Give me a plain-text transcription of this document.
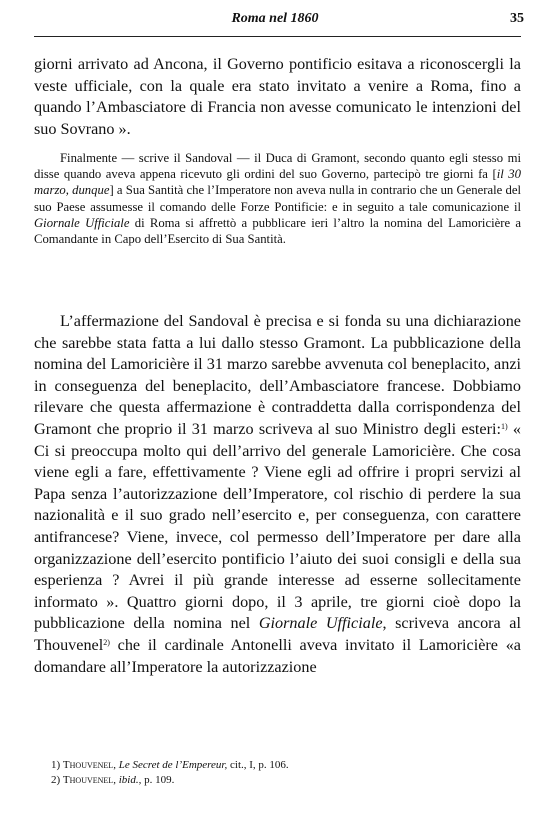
Roma nel 1860	35

giorni arrivato ad Ancona, il Governo pontificio esitava a riconoscergli la veste ufficiale, con la quale era stato invitato a venire a Roma, fino a quando l’Ambasciatore di Francia non avesse comunicato le intenzioni del suo Sovrano ».

Finalmente — scrive il Sandoval — il Duca di Gramont, secondo quanto egli stesso mi disse quando aveva appena ricevuto gli ordini del suo Governo, partecipò tre giorni fa [il 30 marzo, dunque] a Sua Santità che l’Imperatore non aveva nulla in contrario che un Generale del suo Paese assumesse il comando delle Forze Pontificie: e in seguito a tale comunicazione il Giornale Ufficiale di Roma si affrettò a pubblicare ieri l’altro la nomina del Lamoricière a Comandante in Capo dell’Esercito di Sua Santità.

L’affermazione del Sandoval è precisa e si fonda su una dichiarazione che sarebbe stata fatta a lui dallo stesso Gramont. La pubblicazione della nomina del Lamoricière il 31 marzo sarebbe avvenuta col beneplacito, anzi in conseguenza del beneplacito, dell’Ambasciatore francese. Dobbiamo rilevare che questa affermazione è contraddetta dalla corrispondenza del Gramont che proprio il 31 marzo scriveva al suo Ministro degli esteri:$^{1)}$ « Ci si preoccupa molto qui dell’arrivo del generale Lamoricière. Che cosa viene egli a fare, effettivamente ? Viene egli ad offrire i propri servizi al Papa senza l’autorizzazione dell’Imperatore, col rischio di perdere la sua nazionalità e il suo grado nell’esercito e, per conseguenza, con carattere antifrancese? Viene, invece, col permesso dell’Imperatore per dare alla organizzazione dell’esercito pontificio l’aiuto dei suoi consigli e della sua esperienza ? Avrei il più grande interesse ad esserne sollecitamente informato ». Quattro giorni dopo, il 3 aprile, tre giorni cioè dopo la pubblicazione della nomina nel Giornale Ufficiale, scriveva ancora al Thouvenel$^{2)}$ che il cardinale Antonelli aveva invitato il Lamoricière «a domandare all’Imperatore la autorizzazione

1) Thouvenel, Le Secret de l’Empereur, cit., I, p. 106.
2) Thouvenel, ibid., p. 109.
